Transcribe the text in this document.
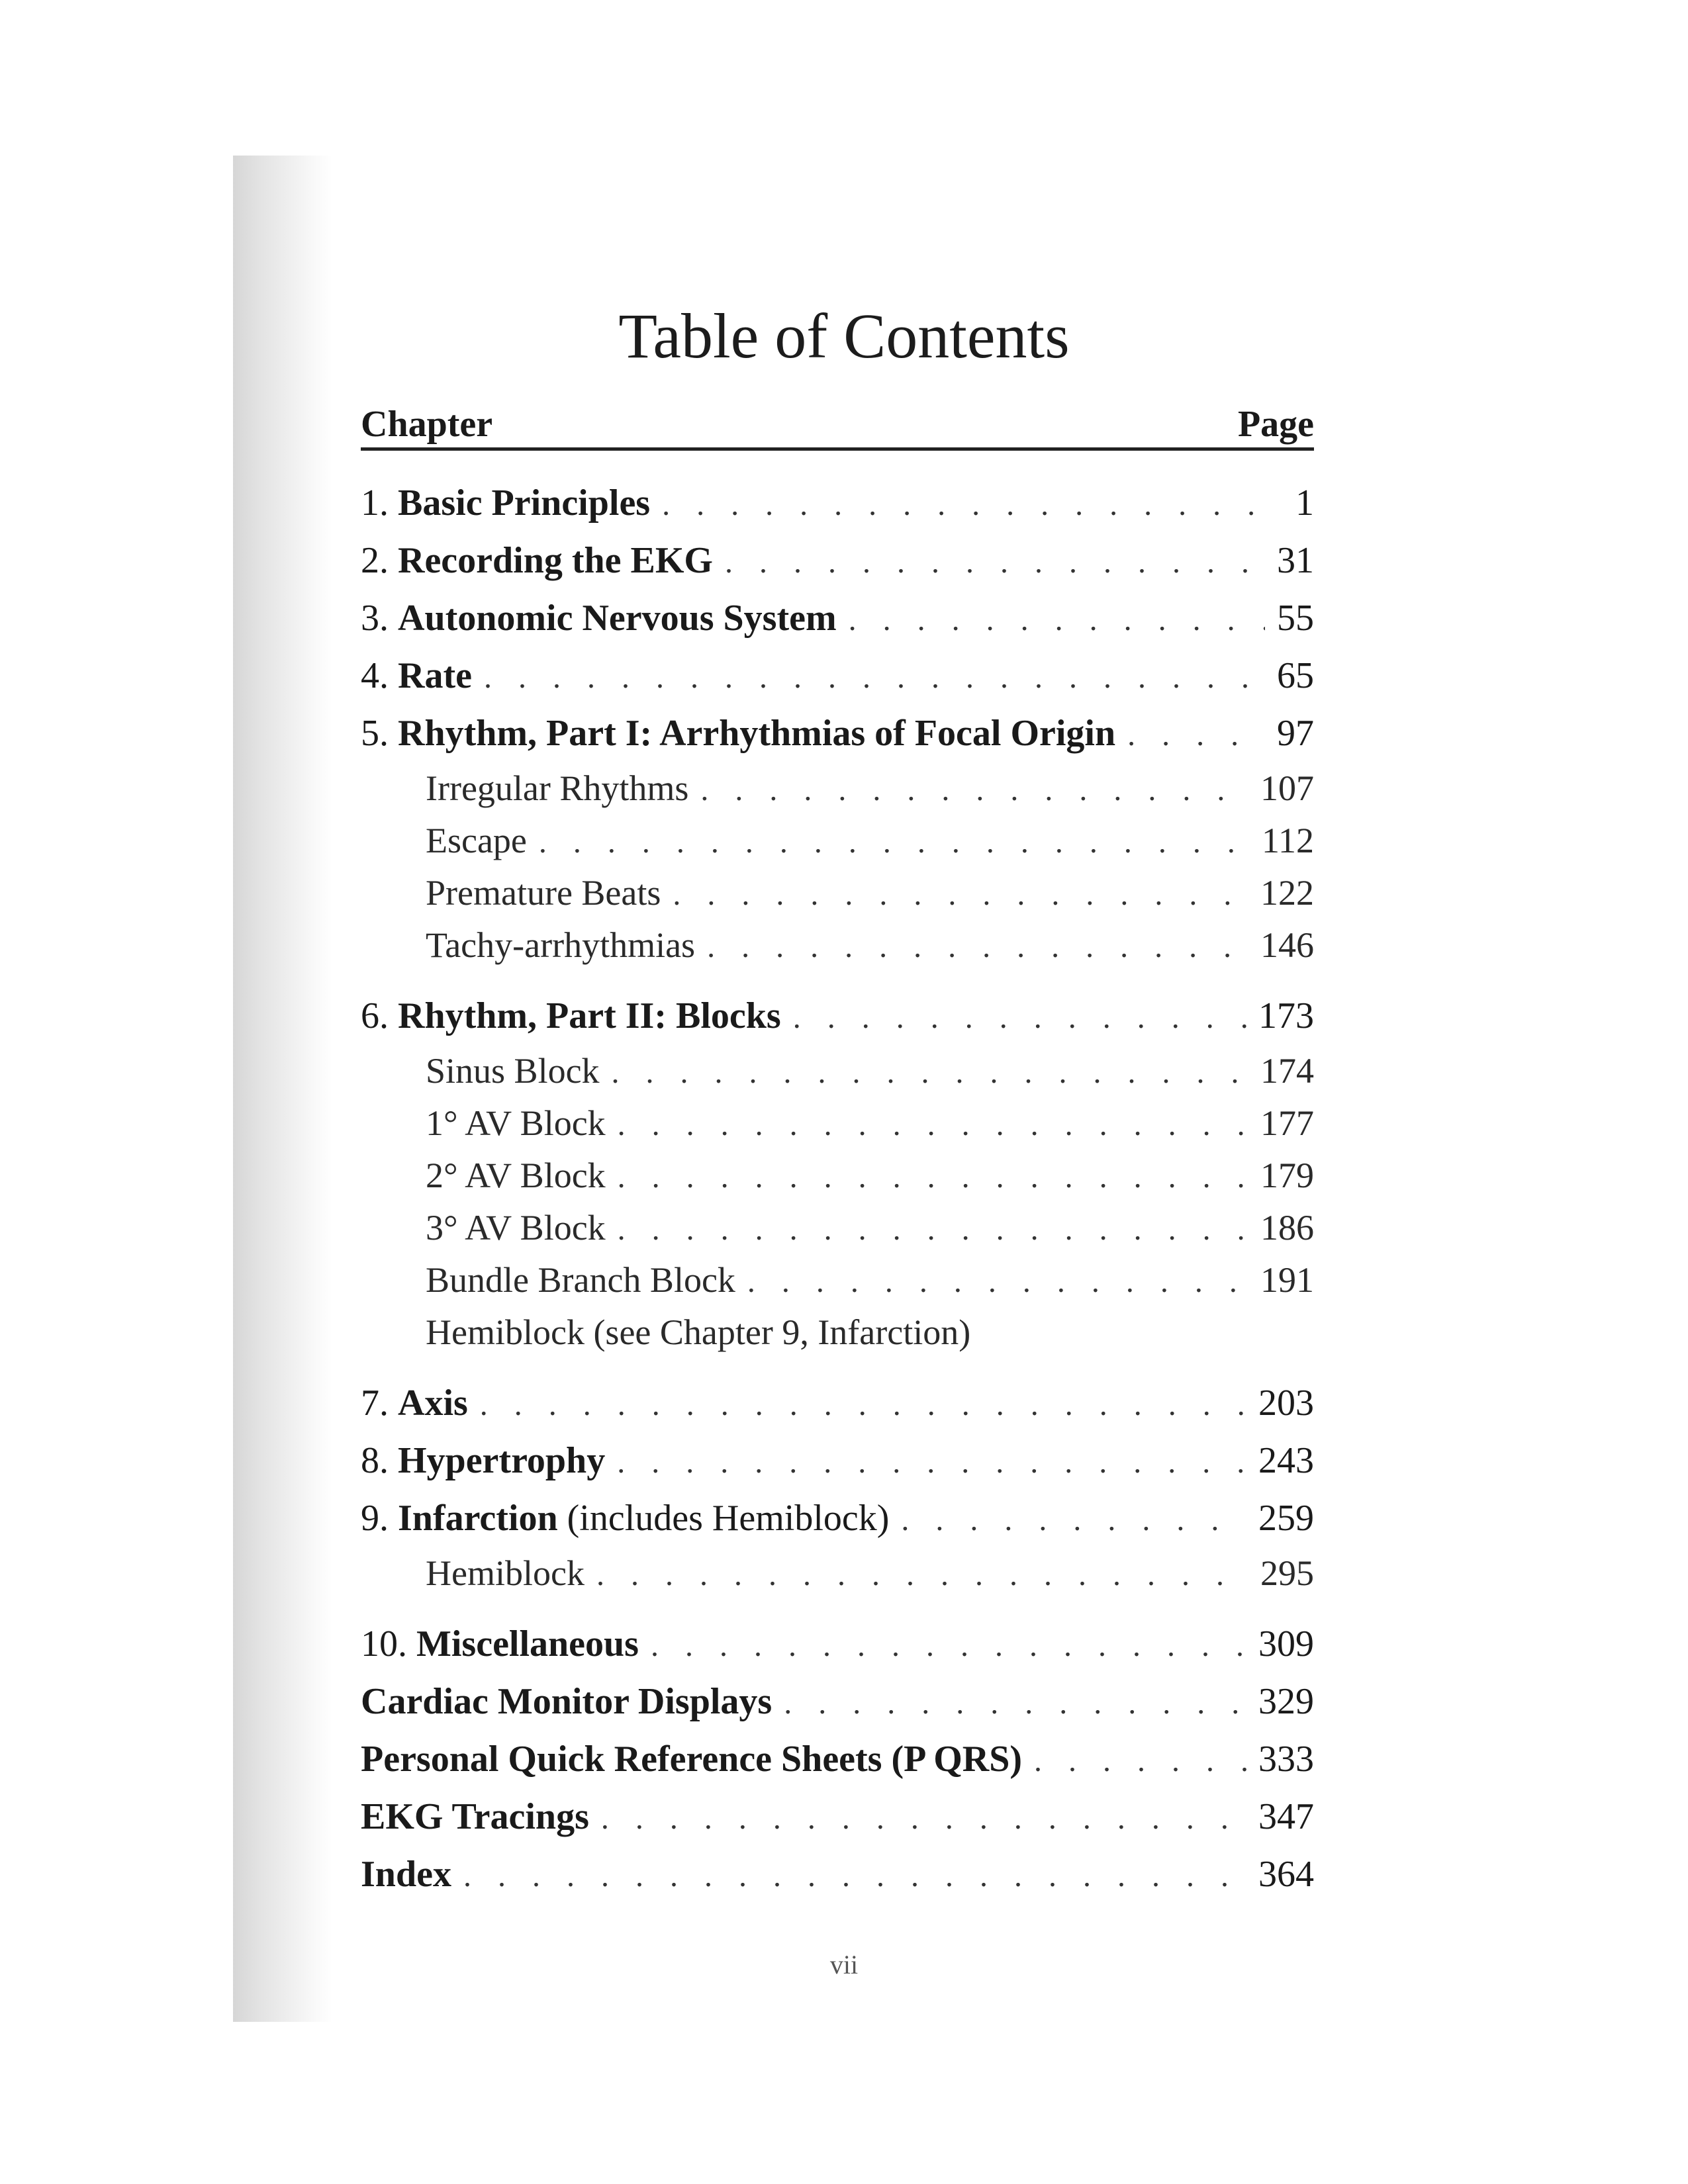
Table of Contents
Chapter	Page
1. Basic Principles . . .	1
2. Recording the EKG . . .	31
3. Autonomic Nervous System . . .	55
4. Rate . . .	65
5. Rhythm, Part I: Arrhythmias of Focal Origin . . .	97
Irregular Rhythms . . .	107
Escape . . .	112
Premature Beats . . .	122
Tachy-arrhythmias . . .	146
6. Rhythm, Part II: Blocks . . .	173
Sinus Block . . .	174
1° AV Block . . .	177
2° AV Block . . .	179
3° AV Block . . .	186
Bundle Branch Block . . .	191
Hemiblock (see Chapter 9, Infarction)
7. Axis . . .	203
8. Hypertrophy . . .	243
9. Infarction (includes Hemiblock) . . .	259
Hemiblock . . .	295
10. Miscellaneous . . .	309
Cardiac Monitor Displays . . .	329
Personal Quick Reference Sheets (P QRS) . . .	333
EKG Tracings . . .	347
Index . . .	364
vii
